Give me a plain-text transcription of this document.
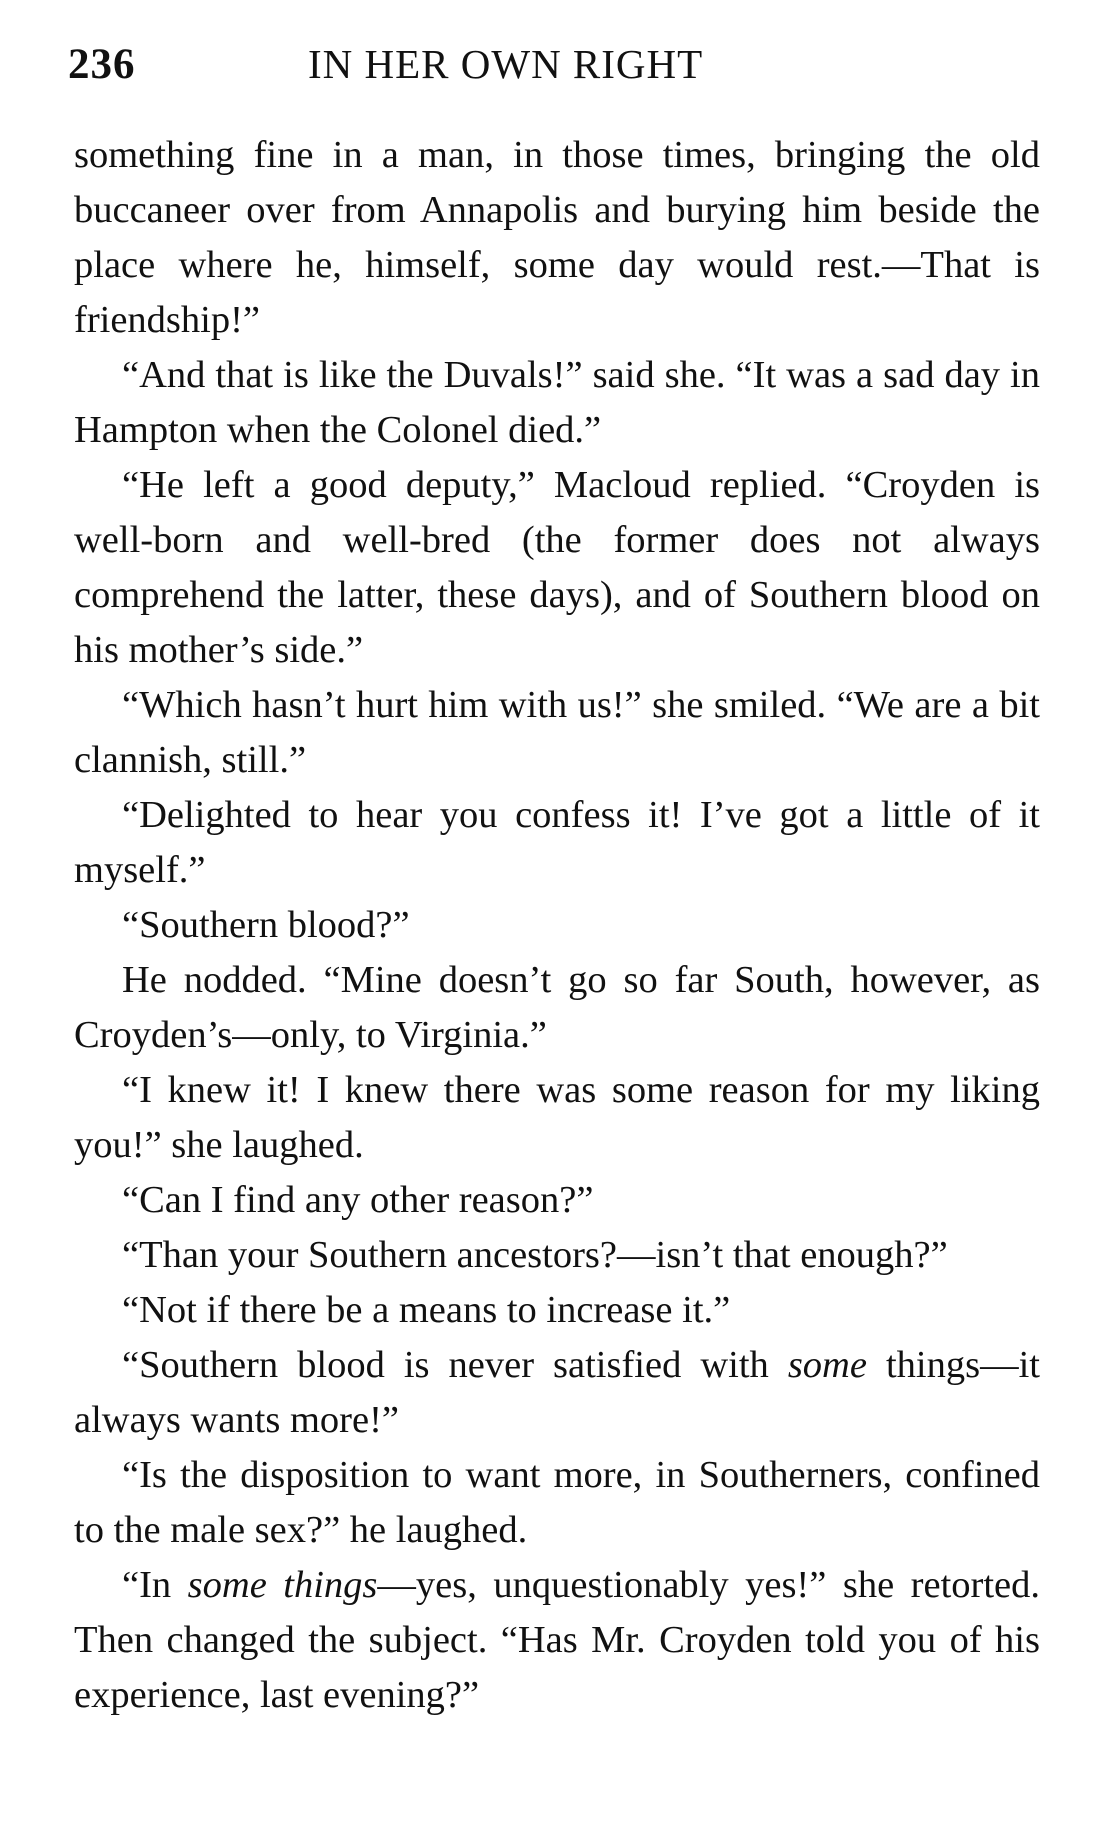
236	IN HER OWN RIGHT

something fine in a man, in those times, bringing the old buccaneer over from Annapolis and burying him beside the place where he, himself, some day would rest.—That is friendship!”

“And that is like the Duvals!” said she. “It was a sad day in Hampton when the Colonel died.”

“He left a good deputy,” Macloud replied. “Croyden is well-born and well-bred (the former does not always comprehend the latter, these days), and of Southern blood on his mother’s side.”

“Which hasn’t hurt him with us!” she smiled. “We are a bit clannish, still.”

“Delighted to hear you confess it! I’ve got a little of it myself.”

“Southern blood?”

He nodded. “Mine doesn’t go so far South, however, as Croyden’s—only, to Virginia.”

“I knew it! I knew there was some reason for my liking you!” she laughed.

“Can I find any other reason?”

“Than your Southern ancestors?—isn’t that enough?”

“Not if there be a means to increase it.”

“Southern blood is never satisfied with some things—it always wants more!”

“Is the disposition to want more, in Southerners, confined to the male sex?” he laughed.

“In some things—yes, unquestionably yes!” she retorted. Then changed the subject. “Has Mr. Croyden told you of his experience, last evening?”
